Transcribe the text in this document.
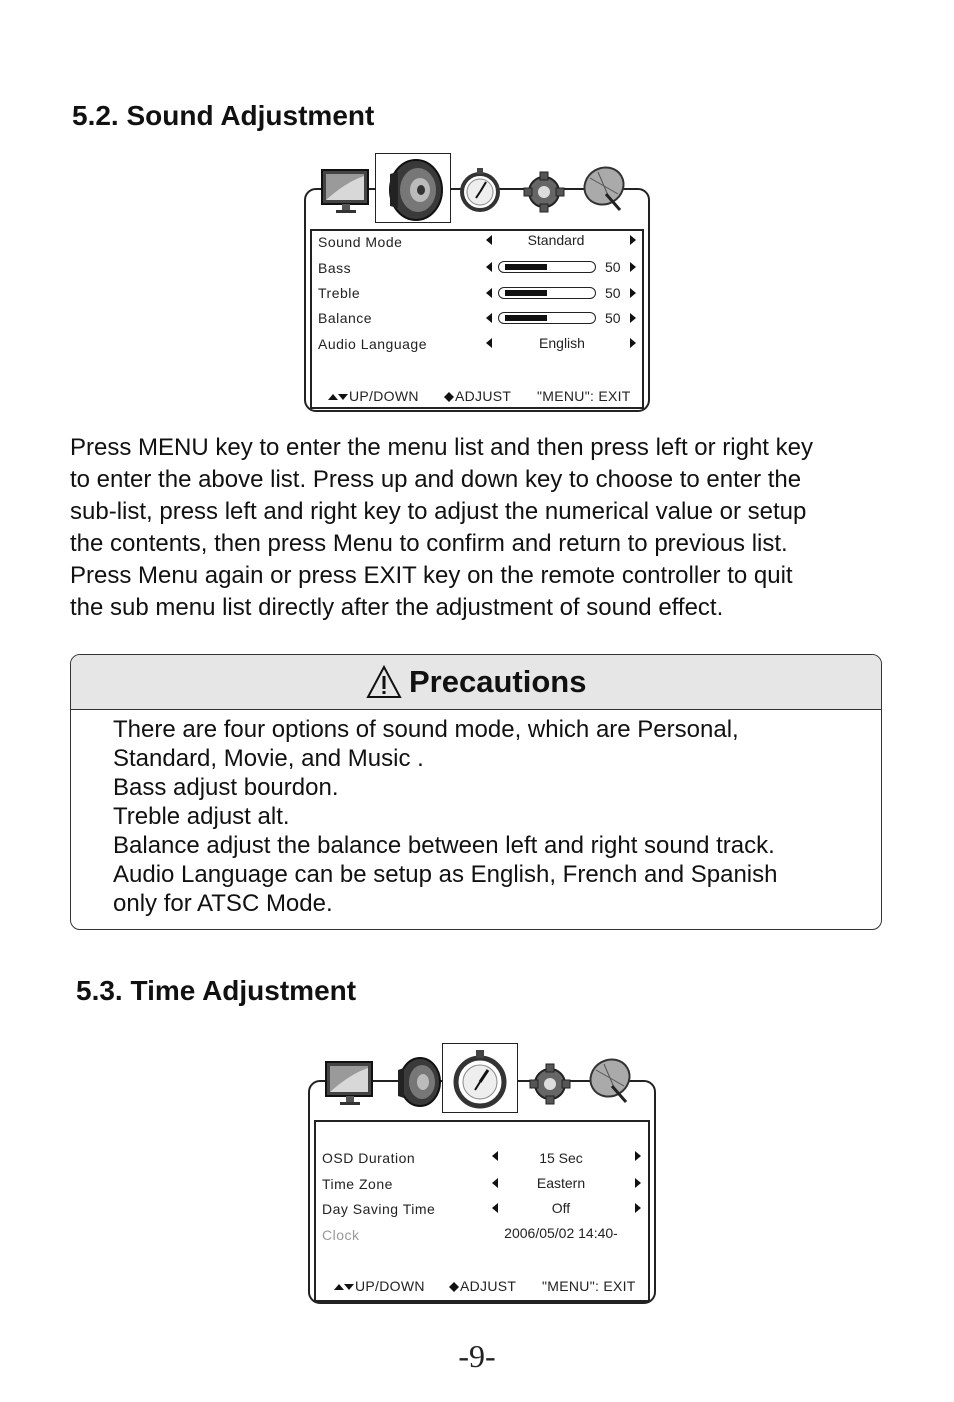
5.2. Sound Adjustment
Sound Mode	Standard
Bass	50
Treble	50
Balance	50
Audio Language	English
UP/DOWN	ADJUST "MENU": EXIT

Press MENU key to enter the menu list and then press left or right key

to enter the above list. Press up and down key to choose to enter the

sub-list, press left and right key to adjust the numerical value or setup

the contents, then press Menu to confirm and return to previous list.

Press Menu again or press EXIT key on the remote controller to quit

the sub menu list directly after the adjustment of sound effect.

Precautions
There are four options of sound mode, which are Personal,
Standard, Movie, and Music .
Bass adjust bourdon.
Treble adjust alt.
Balance adjust the balance between left and right sound track.
Audio Language can be setup as English, French and Spanish
only for ATSC Mode.
5.3. Time Adjustment
OSD Duration	15 Sec
Time Zone	Eastern
Day Saving Time	Off
Clock	2006/05/02 14:40-
UP/DOWN	ADJUST "MENU": EXIT
-9-
